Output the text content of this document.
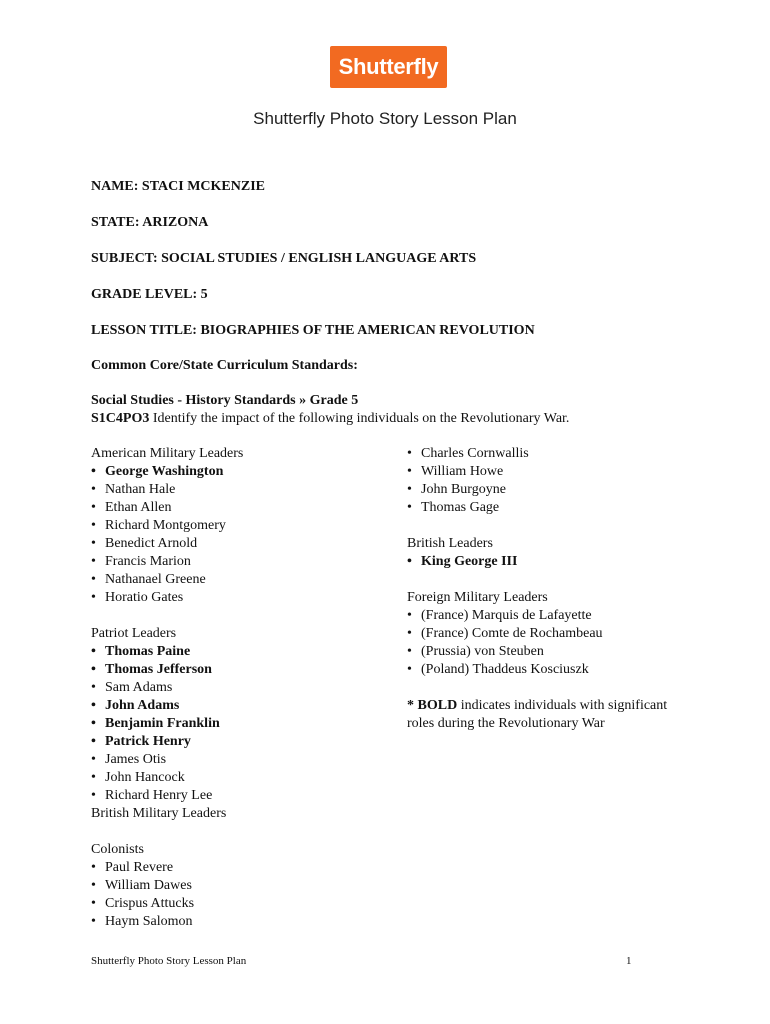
Shutterfly
Shutterfly Photo Story Lesson Plan
NAME: STACI MCKENZIE
STATE: ARIZONA
SUBJECT: SOCIAL STUDIES / ENGLISH LANGUAGE ARTS
GRADE LEVEL: 5
LESSON TITLE: BIOGRAPHIES OF THE AMERICAN REVOLUTION
Common Core/State Curriculum Standards:
Social Studies - History Standards » Grade 5
S1C4PO3 Identify the impact of the following individuals on the Revolutionary War.
American Military Leaders
• George Washington
• Nathan Hale
• Ethan Allen
• Richard Montgomery
• Benedict Arnold
• Francis Marion
• Nathanael Greene
• Horatio Gates
Patriot Leaders
• Thomas Paine
• Thomas Jefferson
• Sam Adams
• John Adams
• Benjamin Franklin
• Patrick Henry
• James Otis
• John Hancock
• Richard Henry Lee
British Military Leaders
Colonists
• Paul Revere
• William Dawes
• Crispus Attucks
• Haym Salomon
• Charles Cornwallis
• William Howe
• John Burgoyne
• Thomas Gage
British Leaders
• King George III
Foreign Military Leaders
• (France) Marquis de Lafayette
• (France) Comte de Rochambeau
• (Prussia) von Steuben
• (Poland) Thaddeus Kosciuszk
* BOLD indicates individuals with significant roles during the Revolutionary War
Shutterfly Photo Story Lesson Plan	1
